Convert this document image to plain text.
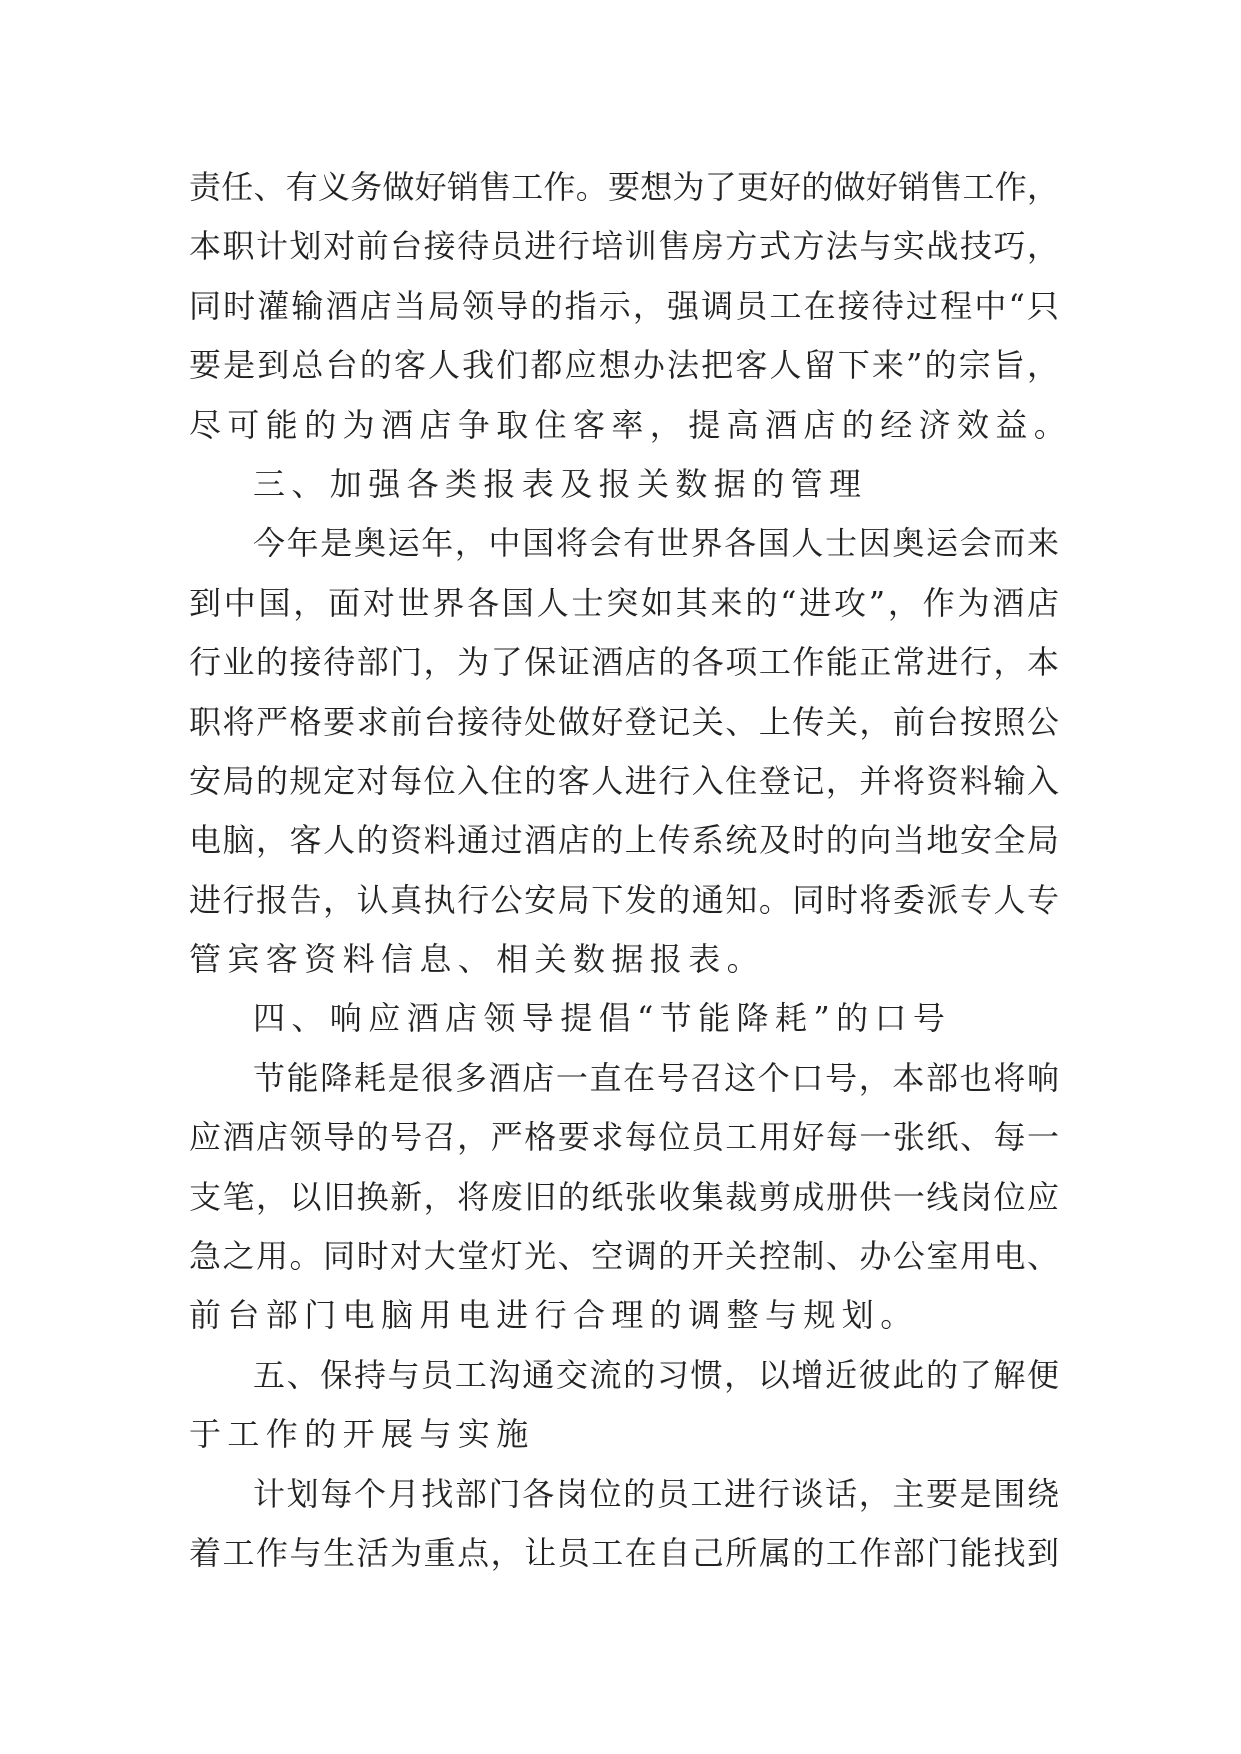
责任、有义务做好销售工作。要想为了更好的做好销售工作，
本职计划对前台接待员进行培训售房方式方法与实战技巧，
同时灌输酒店当局领导的指示，强调员工在接待过程中“只
要是到总台的客人我们都应想办法把客人留下来”的宗旨，
尽可能的为酒店争取住客率，提高酒店的经济效益。
三、加强各类报表及报关数据的管理
今年是奥运年，中国将会有世界各国人士因奥运会而来
到中国，面对世界各国人士突如其来的“进攻”，作为酒店
行业的接待部门，为了保证酒店的各项工作能正常进行，本
职将严格要求前台接待处做好登记关、上传关，前台按照公
安局的规定对每位入住的客人进行入住登记，并将资料输入
电脑，客人的资料通过酒店的上传系统及时的向当地安全局
进行报告，认真执行公安局下发的通知。同时将委派专人专
管宾客资料信息、相关数据报表。
四、响应酒店领导提倡“节能降耗”的口号
节能降耗是很多酒店一直在号召这个口号，本部也将响
应酒店领导的号召，严格要求每位员工用好每一张纸、每一
支笔，以旧换新，将废旧的纸张收集裁剪成册供一线岗位应
急之用。同时对大堂灯光、空调的开关控制、办公室用电、
前台部门电脑用电进行合理的调整与规划。
五、保持与员工沟通交流的习惯，以增近彼此的了解便
于工作的开展与实施
计划每个月找部门各岗位的员工进行谈话，主要是围绕
着工作与生活为重点，让员工在自己所属的工作部门能找到
